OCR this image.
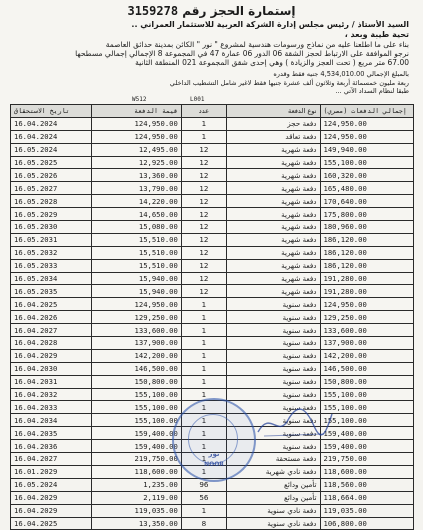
إستمارة الحجز رقم 3159278
السيد الأستاذ / رئيس مجلس إدارة الشركة العربية للاستثمار العمراني ..
تحية طيبة وبعد ،
بناء على ما اطلعنا عليه من نماذج ورسومات هندسية لمشروع " نور " الكائن بمدينة حدائق العاصمة
نرجو الموافقة على الارتباط لحجز الشقة 06 الدور 06 عمارة 47 في المجموعة 8 الإجمالي إجمالي مسطحها
67.00 متر مربع ( تحت العجز والزيادة ) وهي إحدى شقق المجموعة 021 المنطقة الثانية
بالمبلغ الإجمالي 4,534,010.00 جنيه فقط وقدره
ربعة مليون خمسمائة أربعة وثلاثون ألف عشرة جنيها فقط لاغير شامل التشطيب الداخلي
طبقا لنظام السداد الآتي ...
W512	L001
تاريخ الاستحقاق	قيمة الدفعة	عدد	نوع الدفعة	إجمالي الدفعات (مصري)
16.04.2024	124,950.00	1	دفعة حجز	124,950.00
16.04.2024	124,950.00	1	دفعة تعاقد	124,950.00
16.05.2024	12,495.00	12	دفعة شهرية	149,940.00
16.05.2025	12,925.00	12	دفعة شهرية	155,100.00
16.05.2026	13,360.00	12	دفعة شهرية	160,320.00
16.05.2027	13,790.00	12	دفعة شهرية	165,480.00
16.05.2028	14,220.00	12	دفعة شهرية	170,640.00
16.05.2029	14,650.00	12	دفعة شهرية	175,800.00
16.05.2030	15,080.00	12	دفعة شهرية	180,960.00
16.05.2031	15,510.00	12	دفعة شهرية	186,120.00
16.05.2032	15,510.00	12	دفعة شهرية	186,120.00
16.05.2033	15,510.00	12	دفعة شهرية	186,120.00
16.05.2034	15,940.00	12	دفعة شهرية	191,280.00
16.05.2035	15,940.00	12	دفعة شهرية	191,280.00
16.04.2025	124,950.00	1	دفعة سنوية	124,950.00
16.04.2026	129,250.00	1	دفعة سنوية	129,250.00
16.04.2027	133,600.00	1	دفعة سنوية	133,600.00
16.04.2028	137,900.00	1	دفعة سنوية	137,900.00
16.04.2029	142,200.00	1	دفعة سنوية	142,200.00
16.04.2030	146,500.00	1	دفعة سنوية	146,500.00
16.04.2031	150,800.00	1	دفعة سنوية	150,800.00
16.04.2032	155,100.00	1	دفعة سنوية	155,100.00
16.04.2033	155,100.00	1	دفعة سنوية	155,100.00
16.04.2034	155,100.00	1	دفعة سنوية	155,100.00
16.04.2035	159,400.00	1	دفعة سنوية	159,400.00
16.04.2036	159,400.00	1	دفعة سنوية	159,400.00
16.04.2027	219,750.00	1	دفعة مستحقة	219,750.00
16.01.2029	118,600.00	1	دفعة نادي شهرية	118,600.00
16.05.2024	1,235.00	96	تأمين ودائع	118,560.00
16.04.2029	2,119.00	56	تأمين ودائع	118,664.00
16.04.2029	119,035.00	1	دفعة نادي سنوية	119,035.00
16.04.2025	13,350.00	8	دفعة نادي سنوية	106,800.00
نور
NOOR
